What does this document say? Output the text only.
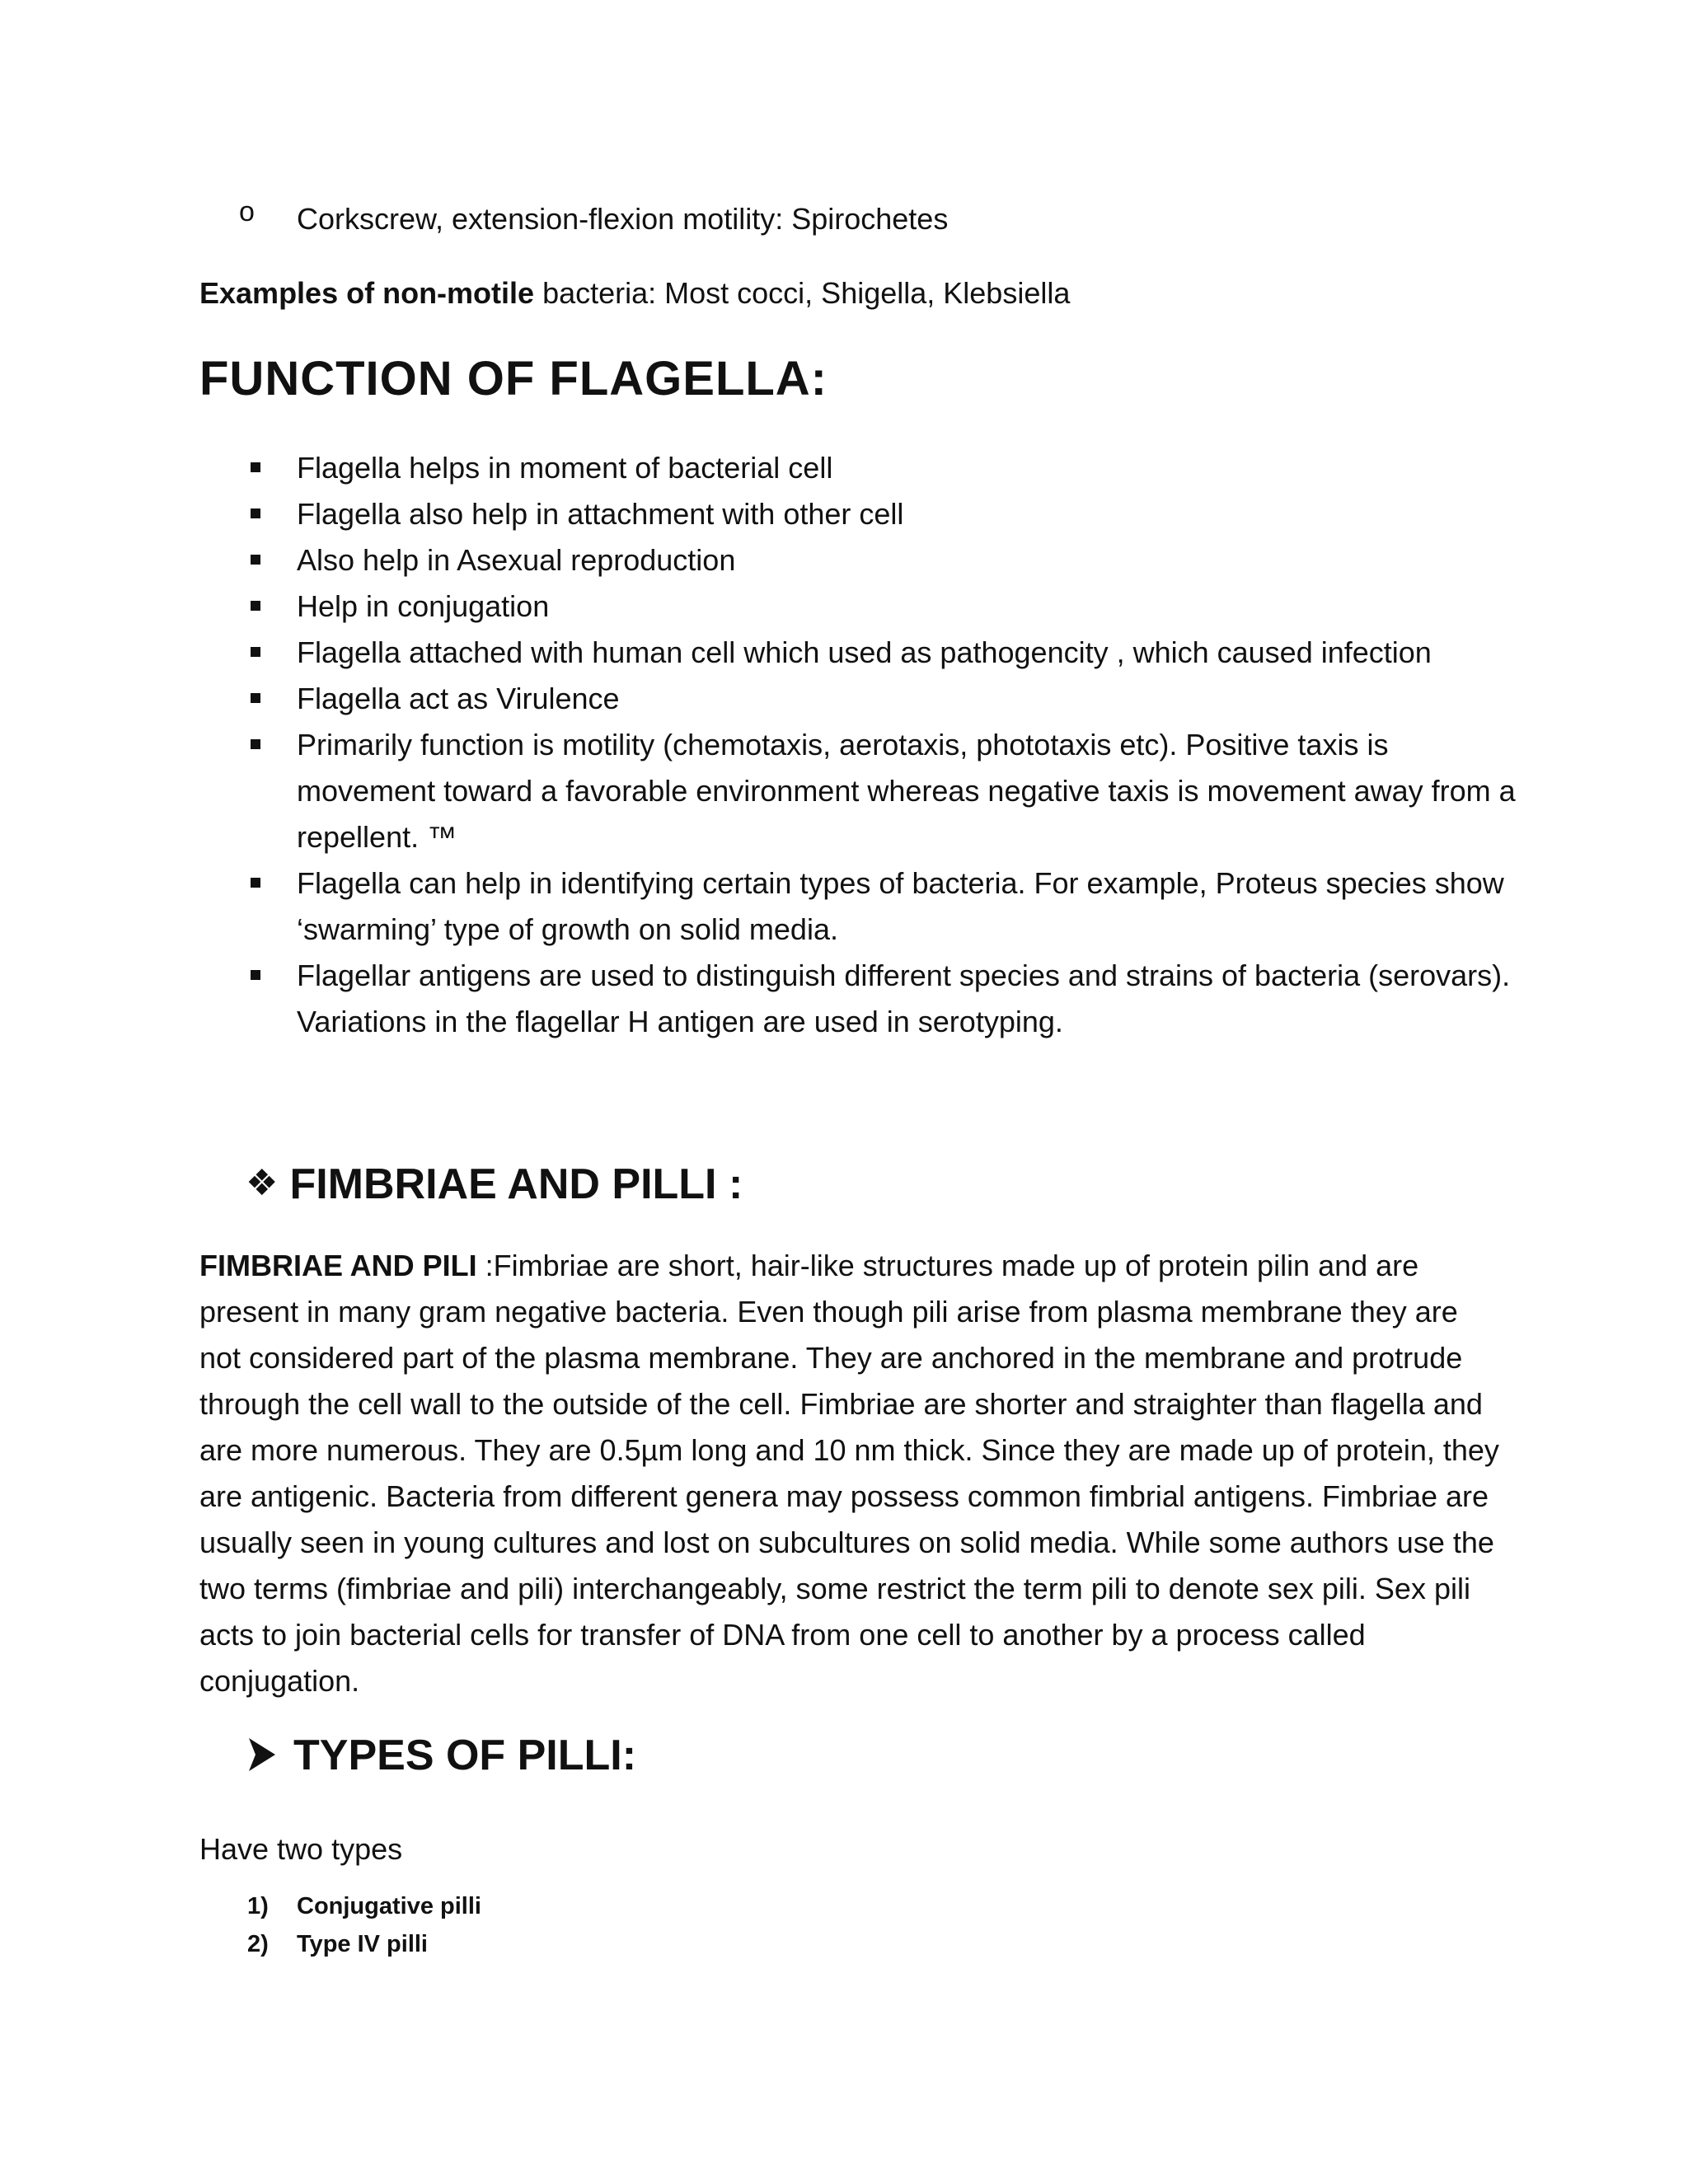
o Corkscrew, extension-flexion motility: Spirochetes
Examples of non-motile bacteria: Most cocci, Shigella, Klebsiella
FUNCTION OF FLAGELLA:
Flagella helps in moment of bacterial cell
Flagella also help in attachment with other cell
Also help in Asexual reproduction
Help in conjugation
Flagella attached with human cell which used as pathogencity , which caused infection
Flagella act as Virulence
Primarily function is motility (chemotaxis, aerotaxis, phototaxis etc). Positive taxis is movement toward a favorable environment whereas negative taxis is movement away from a repellent. ™
Flagella can help in identifying certain types of bacteria. For example, Proteus species show ‘swarming’ type of growth on solid media.
Flagellar antigens are used to distinguish different species and strains of bacteria (serovars). Variations in the flagellar H antigen are used in serotyping.
❖ FIMBRIAE AND PILLI :

FIMBRIAE AND PILI :Fimbriae are short, hair-like structures made up of protein pilin and are present in many gram negative bacteria. Even though pili arise from plasma membrane they are not considered part of the plasma membrane. They are anchored in the membrane and protrude through the cell wall to the outside of the cell. Fimbriae are shorter and straighter than flagella and are more numerous. They are 0.5µm long and 10 nm thick. Since they are made up of protein, they are antigenic. Bacteria from different genera may possess common fimbrial antigens. Fimbriae are usually seen in young cultures and lost on subcultures on solid media. While some authors use the two terms (fimbriae and pili) interchangeably, some restrict the term pili to denote sex pili. Sex pili acts to join bacterial cells for transfer of DNA from one cell to another by a process called conjugation.

TYPES OF PILLI:
Have two types
1) Conjugative pilli
2) Type IV pilli
